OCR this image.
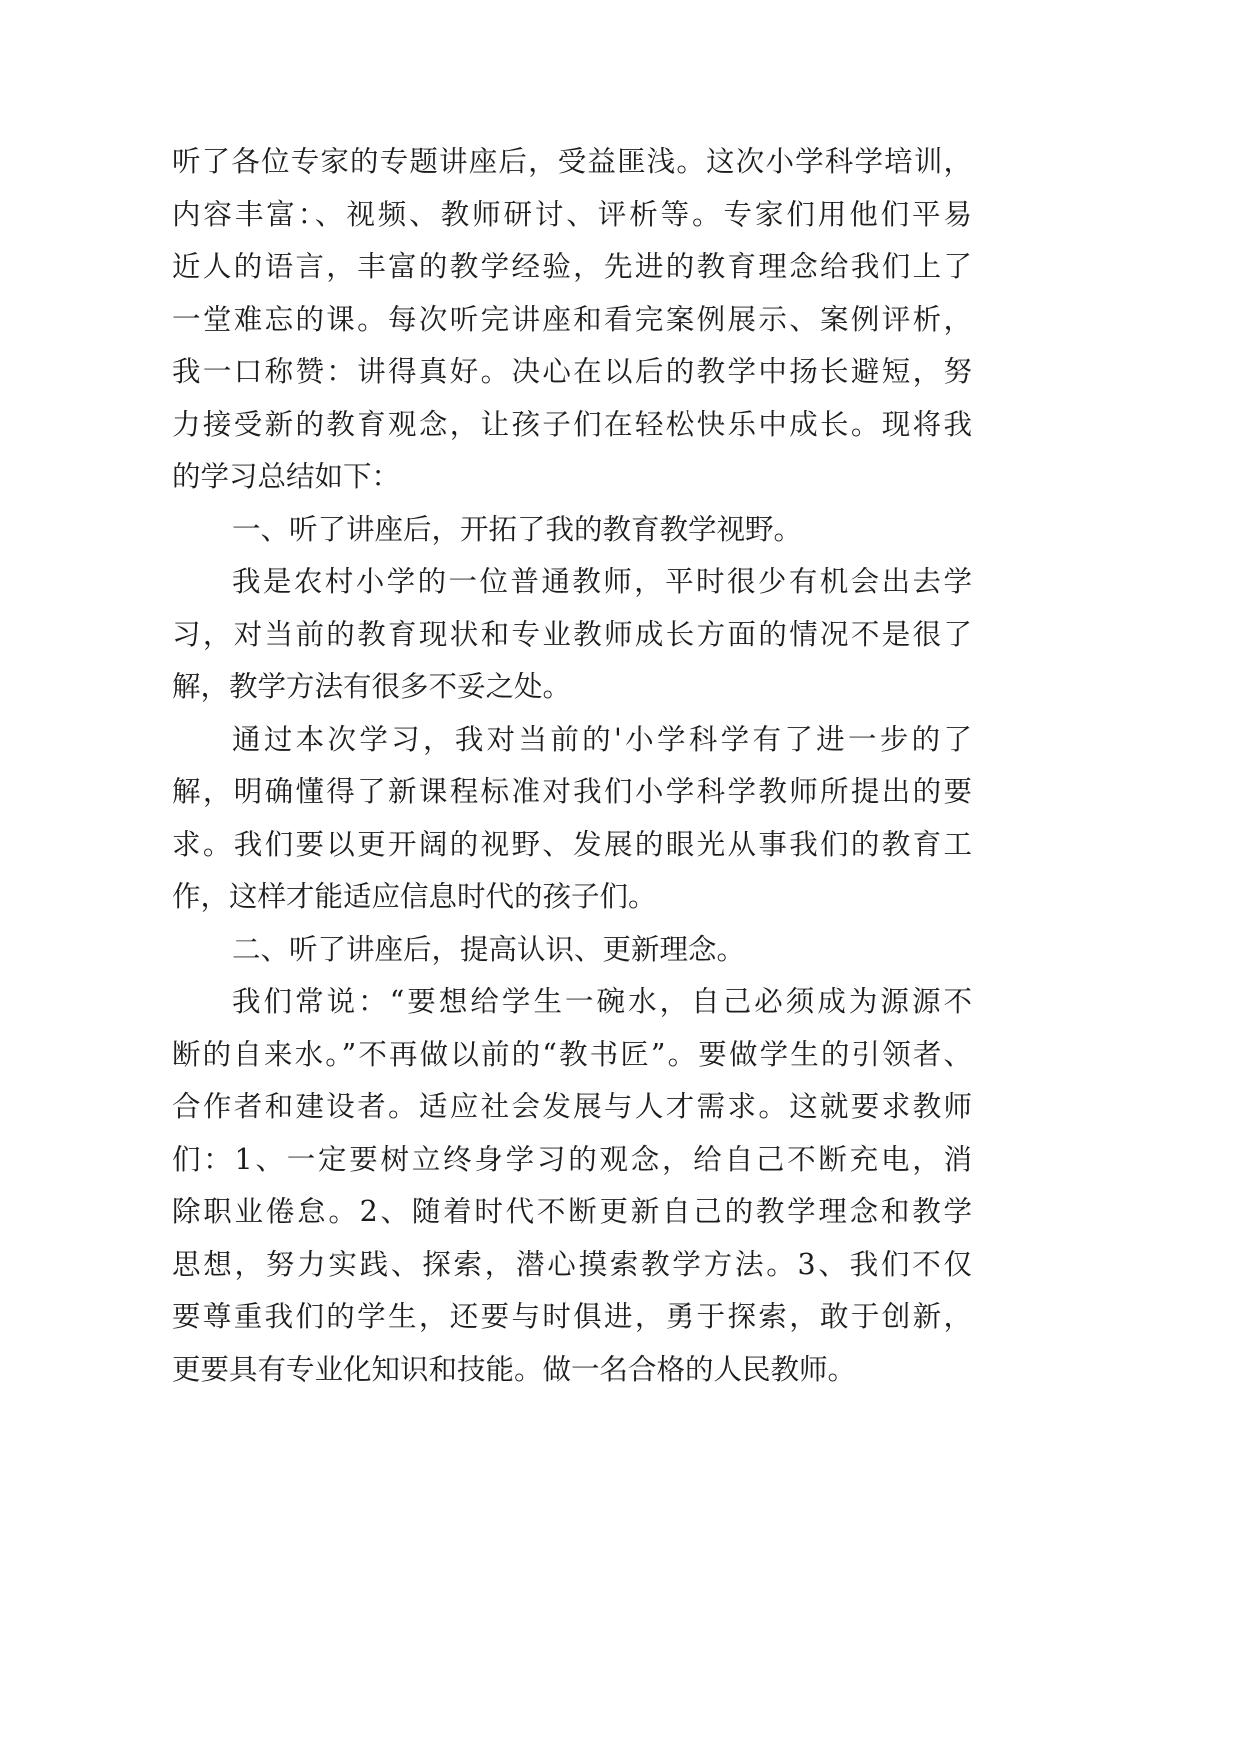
听了各位专家的专题讲座后，受益匪浅。这次小学科学培训，
内容丰富：、视频、教师研讨、评析等。专家们用他们平易
近人的语言，丰富的教学经验，先进的教育理念给我们上了
一堂难忘的课。每次听完讲座和看完案例展示、案例评析，
我一口称赞：讲得真好。决心在以后的教学中扬长避短，努
力接受新的教育观念，让孩子们在轻松快乐中成长。现将我
的学习总结如下：
一、听了讲座后，开拓了我的教育教学视野。
我是农村小学的一位普通教师，平时很少有机会出去学
习，对当前的教育现状和专业教师成长方面的情况不是很了
解，教学方法有很多不妥之处。
通过本次学习，我对当前的'小学科学有了进一步的了
解，明确懂得了新课程标准对我们小学科学教师所提出的要
求。我们要以更开阔的视野、发展的眼光从事我们的教育工
作，这样才能适应信息时代的孩子们。
二、听了讲座后，提高认识、更新理念。
我们常说：“要想给学生一碗水，自己必须成为源源不
断的自来水。”不再做以前的“教书匠”。要做学生的引领者、
合作者和建设者。适应社会发展与人才需求。这就要求教师
们：1、一定要树立终身学习的观念，给自己不断充电，消
除职业倦怠。2、随着时代不断更新自己的教学理念和教学
思想，努力实践、探索，潜心摸索教学方法。3、我们不仅
要尊重我们的学生，还要与时俱进，勇于探索，敢于创新，
更要具有专业化知识和技能。做一名合格的人民教师。
